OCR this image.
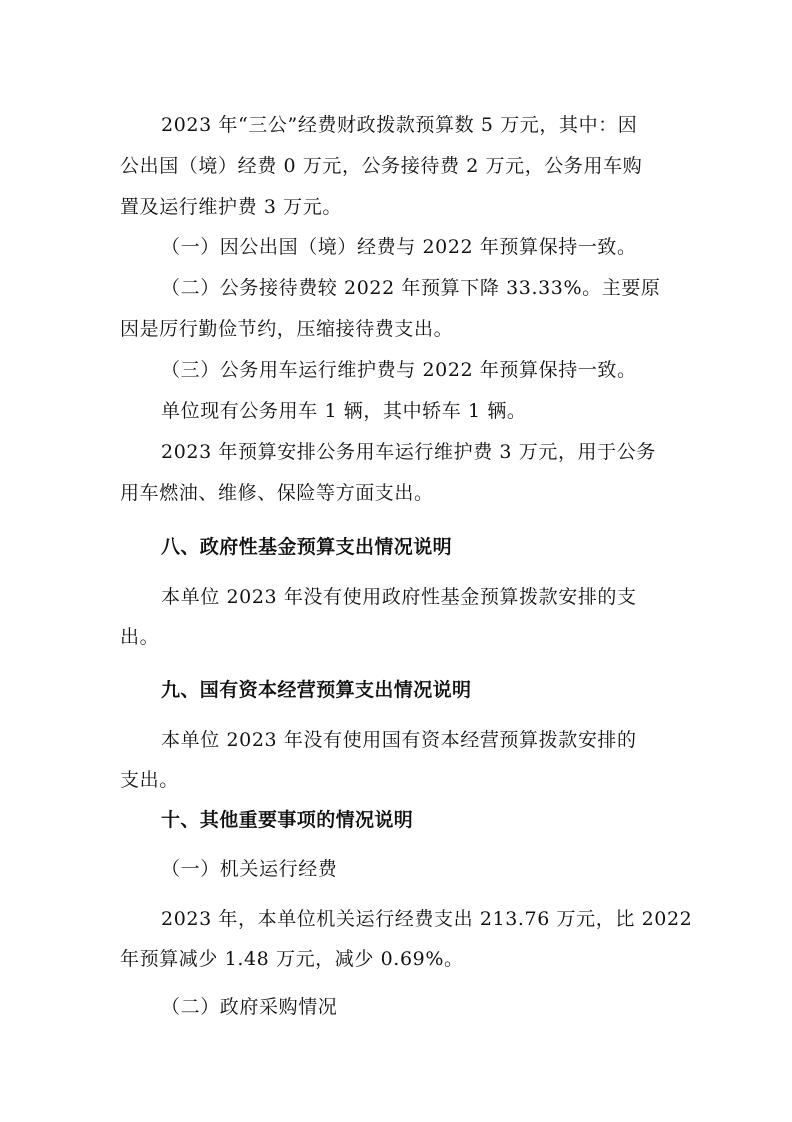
2023 年“三公”经费财政拨款预算数 5 万元，其中：因

公出国（境）经费 0 万元，公务接待费 2 万元，公务用车购

置及运行维护费 3 万元。

（一）因公出国（境）经费与 2022 年预算保持一致。

（二）公务接待费较 2022 年预算下降 33.33%。主要原

因是厉行勤俭节约，压缩接待费支出。

（三）公务用车运行维护费与 2022 年预算保持一致。

单位现有公务用车 1 辆，其中轿车 1 辆。

2023 年预算安排公务用车运行维护费 3 万元，用于公务

用车燃油、维修、保险等方面支出。

八、政府性基金预算支出情况说明

本单位 2023 年没有使用政府性基金预算拨款安排的支

出。

九、国有资本经营预算支出情况说明

本单位 2023 年没有使用国有资本经营预算拨款安排的

支出。

十、其他重要事项的情况说明

（一）机关运行经费

2023 年，本单位机关运行经费支出 213.76 万元，比 2022

年预算减少 1.48 万元，减少 0.69%。

（二）政府采购情况
